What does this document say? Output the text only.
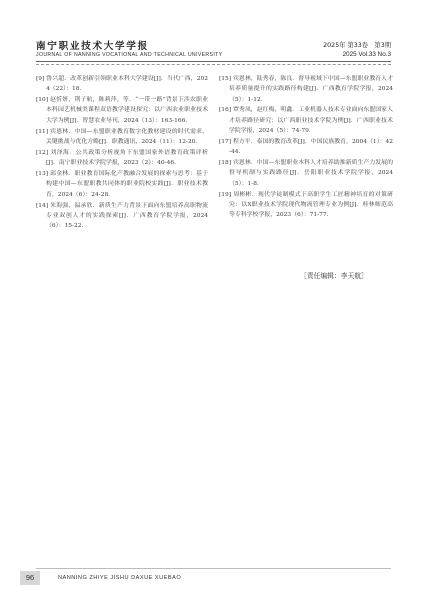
南宁职业技术大学学报
JOURNAL OF NANNING VOCATIONAL AND TECHNICAL UNIVERSITY
2025年 第33卷　第3期
2025 Vol.33 No.3
[9] 鲁兴超．改革创新引领职业本科大学建设[J]．当代广西，2024（22）：18．
[10] 赵忻妍，荆子航，陈莉萍，等．“一带一路”背景下涉农职业本科园艺机械类课程双语教学建设探究：以广西农业职业技术大学为例[J]．智慧农业导刊，2024（13）：163-166．
[11] 宾恩林．中国—东盟职业教育数字化教材建设的时代需求、关键挑战与优化方略[J]．职教通讯，2024（11）：12-20．
[12] 刘泽海．公共政策分析视角下东盟国家外语教育政策评析[J]．南宁职业技术学院学报，2023（2）：40-46．
[13] 邱金林．职业教育国际化产教融合发展的探索与思考：基于构建中国—东盟职教共同体的职业院校实践[J]．职业技术教育，2024（6）：24-28．
[14] 朱海强，温承欣．新质生产力背景下面向东盟培养高职物流专业双创人才的实践探索[J]．广西教育学院学报，2024（6）：15-22．
[15] 宾恩林，陆秀春，陈良．督导视域下中国—东盟职业教育人才培养质量提升的实践路径构建[J]．广西教育学院学报，2024（5）：1-12．
[16] 覃秀凤，赵红梅，明鑫．工业机器人技术专业面向东盟国家人才培养路径研究：以广西职业技术学院为例[J]．广西职业技术学院学报，2024（5）：74-79．
[17] 程方平．泰国的教育改革[J]．中国民族教育，2004（1）：42-44．
[18] 宾恩林．中国—东盟职业本科人才培养助推新质生产力发展的督导机制与实践路径[J]．岳阳职业技术学院学报，2024（5）：1-8．
[19] 周彬彬．现代学徒制模式下高职学生工匠精神培育的对策研究：以X职业技术学院现代物流管理专业为例[J]．桂林师范高等专科学校学报，2023（6）：71-77．
［责任编辑：李天航］
96	NANNING ZHIYE JISHU DAXUE XUEBAO
